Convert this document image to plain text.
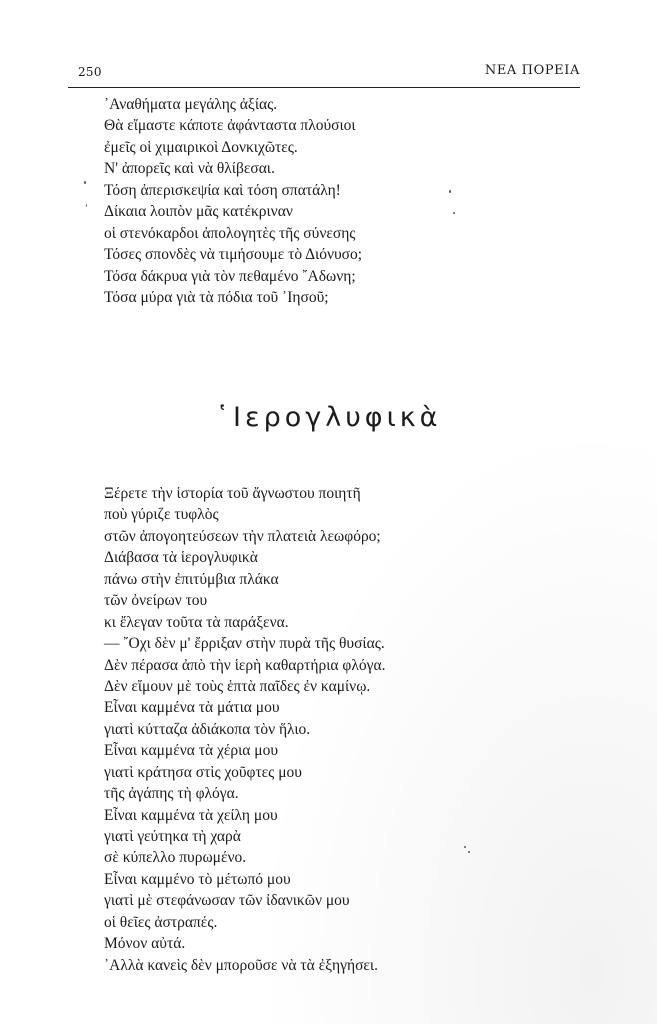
250	ΝΕΑ ΠΟΡΕΙΑ
᾿Αναθήματα μεγάλης ἀξίας.
Θὰ εἴμαστε κάποτε ἀφάνταστα πλούσιοι
ἐμεῖς οἱ χιμαιρικοὶ Δονκιχῶτες.
Ν' ἀπορεῖς καὶ νὰ θλίβεσαι.
Τόση ἀπερισκεψία καὶ τόση σπατάλη!
Δίκαια λοιπὸν μᾶς κατέκριναν
οἱ στενόκαρδοι ἀπολογητὲς τῆς σύνεσης
Τόσες σπονδὲς νὰ τιμήσουμε τὸ Διόνυσο;
Τόσα δάκρυα γιὰ τὸν πεθαμένο ῎Αδωνη;
Τόσα μύρα γιὰ τὰ πόδια τοῦ ᾿Ιησοῦ;
῾Ιερογλυφικὰ
Ξέρετε τὴν ἱστορία τοῦ ἄγνωστου ποιητῆ
ποὺ γύριζε τυφλὸς
στῶν ἀπογοητεύσεων τὴν πλατειὰ λεωφόρο;
Διάβασα τὰ ἱερογλυφικὰ
πάνω στὴν ἐπιτύμβια πλάκα
τῶν ὀνείρων του
κι ἔλεγαν τοῦτα τὰ παράξενα.
— ῎Οχι δὲν μ' ἔρριξαν στὴν πυρὰ τῆς θυσίας.
Δὲν πέρασα ἀπὸ τὴν ἱερὴ καθαρτήρια φλόγα.
Δὲν εἴμουν μὲ τοὺς ἑπτὰ παῖδες ἐν καμίνῳ.
Εἶναι καμμένα τὰ μάτια μου
γιατὶ κύτταζα ἀδιάκοπα τὸν ἥλιο.
Εἶναι καμμένα τὰ χέρια μου
γιατὶ κράτησα στὶς χοῦφτες μου
τῆς ἀγάπης τὴ φλόγα.
Εἶναι καμμένα τὰ χείλη μου
γιατὶ γεύτηκα τὴ χαρὰ
σὲ κύπελλο πυρωμένο.
Εἶναι καμμένο τὸ μέτωπό μου
γιατὶ μὲ στεφάνωσαν τῶν ἰδανικῶν μου
οἱ θεῖες ἀστραπές.
Μόνον αὐτά.
᾿Αλλὰ κανεὶς δὲν μποροῦσε νὰ τὰ ἐξηγήσει.
